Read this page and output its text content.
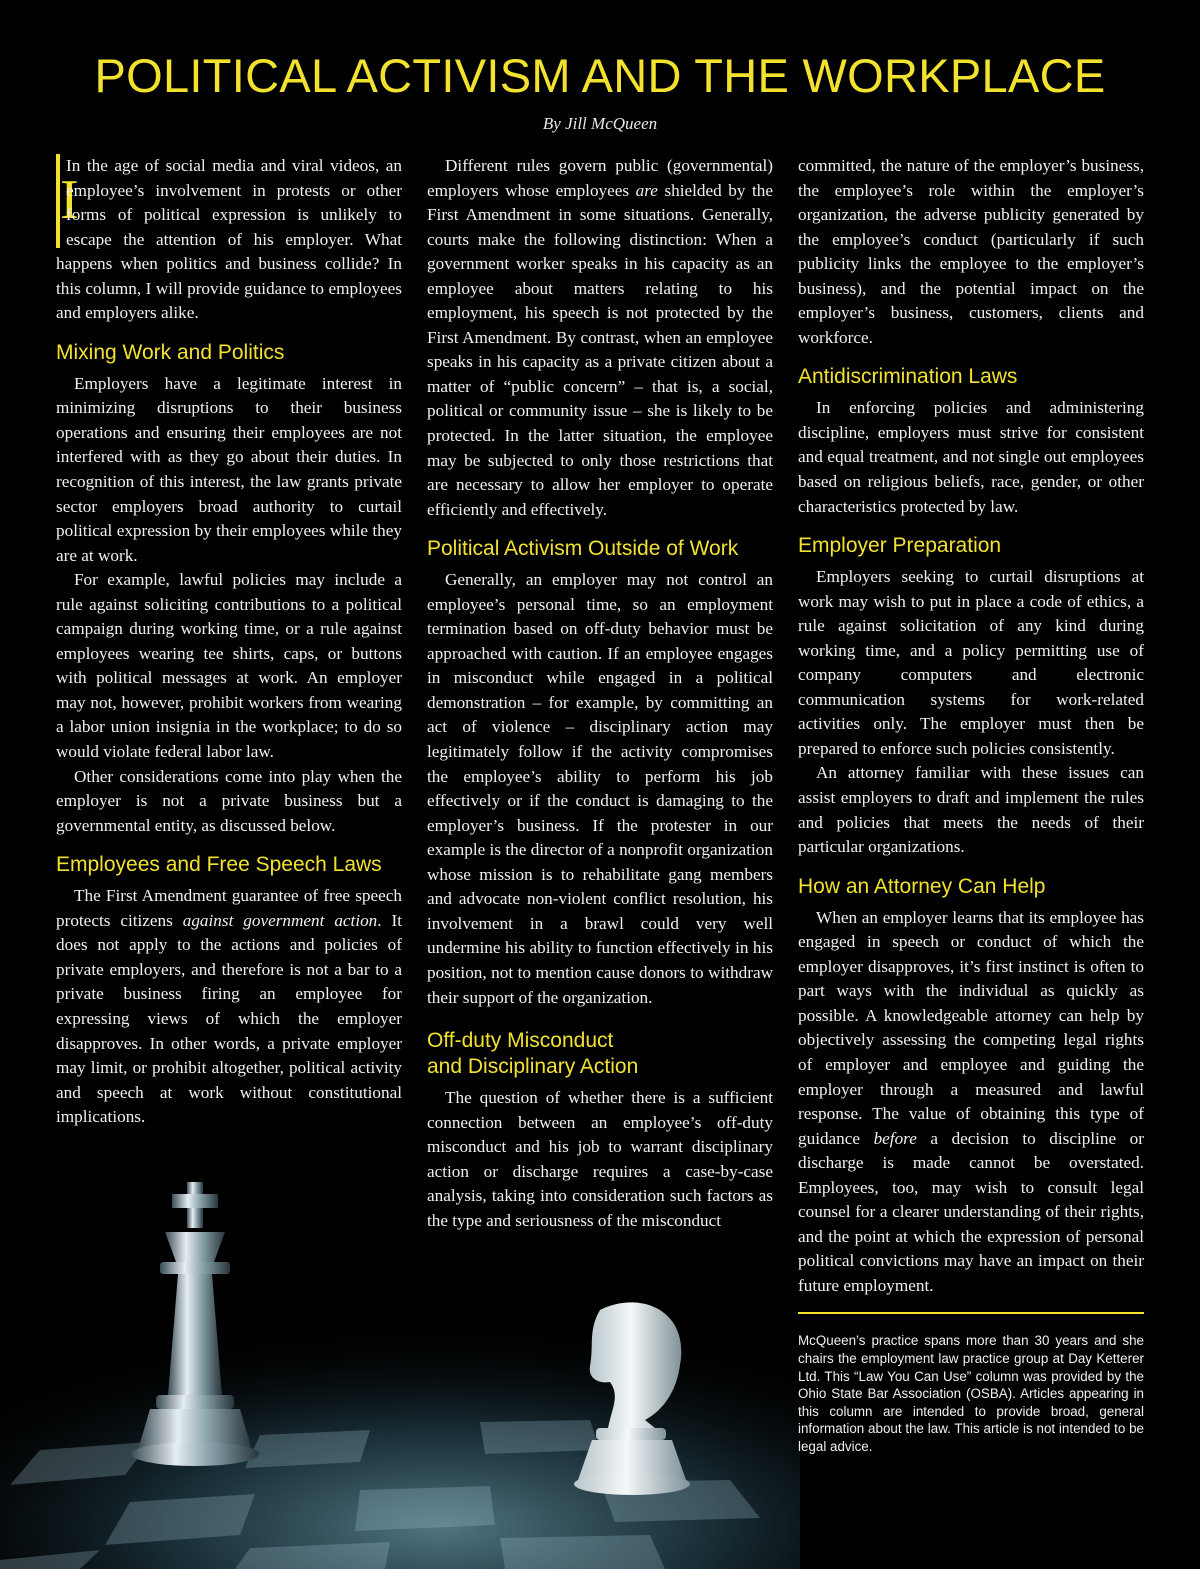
POLITICAL ACTIVISM AND THE WORKPLACE
By Jill McQueen

I
In the age of social media and viral videos, an employee’s involvement in protests or other forms of political expression is unlikely to escape the attention of his employer. What happens when politics and business collide? In this column, I will provide guidance to employees and employers alike.

Mixing Work and Politics

Employers have a legitimate interest in minimizing disruptions to their business operations and ensuring their employees are not interfered with as they go about their duties. In recognition of this interest, the law grants private sector employers broad authority to curtail political expression by their employees while they are at work.

For example, lawful policies may include a rule against soliciting contributions to a political campaign during working time, or a rule against employees wearing tee shirts, caps, or buttons with political messages at work. An employer may not, however, prohibit workers from wearing a labor union insignia in the workplace; to do so would violate federal labor law.

Other considerations come into play when the employer is not a private business but a governmental entity, as discussed below.

Employees and Free Speech Laws

The First Amendment guarantee of free speech protects citizens against government action. It does not apply to the actions and policies of private employers, and therefore is not a bar to a private business firing an employee for expressing views of which the employer disapproves. In other words, a private employer may limit, or prohibit altogether, political activity and speech at work without constitutional implications.

Different rules govern public (governmental) employers whose employees are shielded by the First Amendment in some situations. Generally, courts make the following distinction: When a government worker speaks in his capacity as an employee about matters relating to his employment, his speech is not protected by the First Amendment. By contrast, when an employee speaks in his capacity as a private citizen about a matter of “public concern” – that is, a social, political or community issue – she is likely to be protected. In the latter situation, the employee may be subjected to only those restrictions that are necessary to allow her employer to operate efficiently and effectively.

Political Activism Outside of Work

Generally, an employer may not control an employee’s personal time, so an employment termination based on off-duty behavior must be approached with caution. If an employee engages in misconduct while engaged in a political demonstration – for example, by committing an act of violence – disciplinary action may legitimately follow if the activity compromises the employee’s ability to perform his job effectively or if the conduct is damaging to the employer’s business. If the protester in our example is the director of a nonprofit organization whose mission is to rehabilitate gang members and advocate non-violent conflict resolution, his involvement in a brawl could very well undermine his ability to function effectively in his position, not to mention cause donors to withdraw their support of the organization.

Off-duty Misconduct
and Disciplinary Action

The question of whether there is a sufficient connection between an employee’s off-duty misconduct and his job to warrant disciplinary action or discharge requires a case-by-case analysis, taking into consideration such factors as the type and seriousness of the misconduct

committed, the nature of the employer’s business, the employee’s role within the employer’s organization, the adverse publicity generated by the employee’s conduct (particularly if such publicity links the employee to the employer’s business), and the potential impact on the employer’s business, customers, clients and workforce.

Antidiscrimination Laws

In enforcing policies and administering discipline, employers must strive for consistent and equal treatment, and not single out employees based on religious beliefs, race, gender, or other characteristics protected by law.

Employer Preparation

Employers seeking to curtail disruptions at work may wish to put in place a code of ethics, a rule against solicitation of any kind during working time, and a policy permitting use of company computers and electronic communication systems for work-related activities only. The employer must then be prepared to enforce such policies consistently.

An attorney familiar with these issues can assist employers to draft and implement the rules and policies that meets the needs of their particular organizations.

How an Attorney Can Help

When an employer learns that its employee has engaged in speech or conduct of which the employer disapproves, it’s first instinct is often to part ways with the individual as quickly as possible. A knowledgeable attorney can help by objectively assessing the competing legal rights of employer and employee and guiding the employer through a measured and lawful response. The value of obtaining this type of guidance before a decision to discipline or discharge is made cannot be overstated. Employees, too, may wish to consult legal counsel for a clearer understanding of their rights, and the point at which the expression of personal political convictions may have an impact on their future employment.

McQueen’s practice spans more than 30 years and she chairs the employment law practice group at Day Ketterer Ltd. This “Law You Can Use” column was provided by the Ohio State Bar Association (OSBA). Articles appearing in this column are intended to provide broad, general information about the law. This article is not intended to be legal advice.
